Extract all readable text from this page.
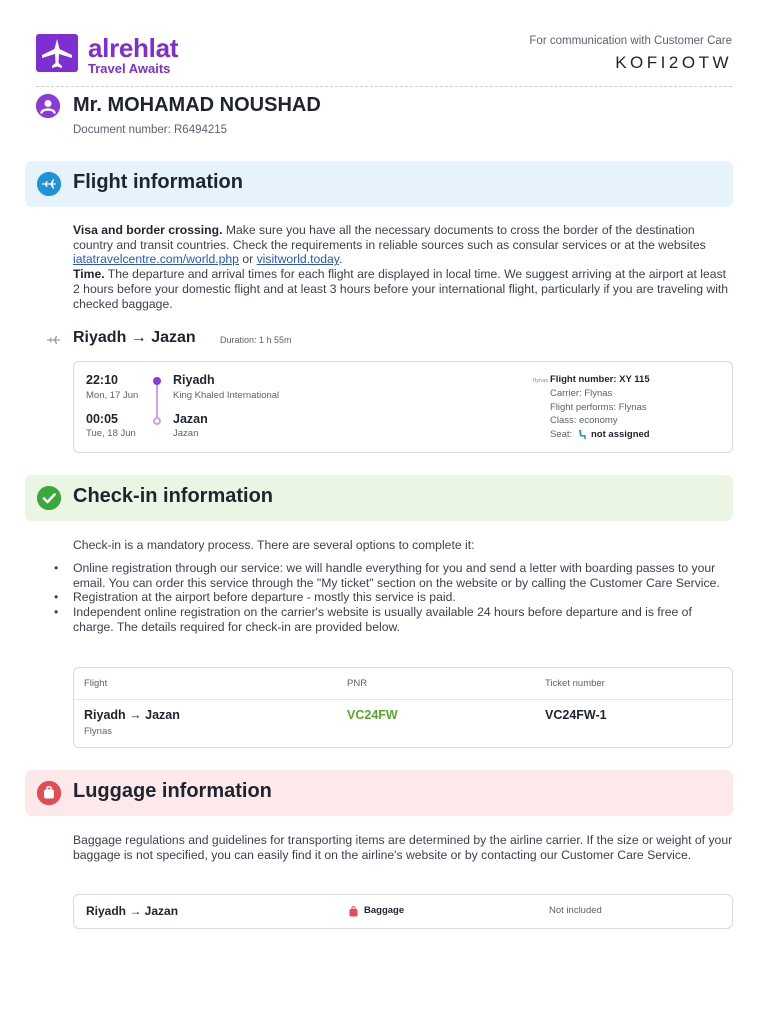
alrehlat
Travel Awaits
For communication with Customer Care
KOFI2OTW
Mr. MOHAMAD NOUSHAD
Document number: R6494215
Flight information
Visa and border crossing. Make sure you have all the necessary documents to cross the border of the destination country and transit countries. Check the requirements in reliable sources such as consular services or at the websites iatatravelcentre.com/world.php or visitworld.today.
Time. The departure and arrival times for each flight are displayed in local time. We suggest arriving at the airport at least 2 hours before your domestic flight and at least 3 hours before your international flight, particularly if you are traveling with checked baggage.
Riyadh → Jazan	Duration: 1 h 55m
22:10
Mon, 17 Jun
00:05
Tue, 18 Jun
Riyadh
King Khaled International
Jazan
Jazan
flynas Flight number: XY 115
Carrier: Flynas
Flight performs: Flynas
Class: economy
Seat: not assigned
Check-in information
Check-in is a mandatory process. There are several options to complete it:
• Online registration through our service: we will handle everything for you and send a letter with boarding passes to your email. You can order this service through the "My ticket" section on the website or by calling the Customer Care Service.
• Registration at the airport before departure - mostly this service is paid.
• Independent online registration on the carrier's website is usually available 24 hours before departure and is free of charge. The details required for check-in are provided below.
Flight	PNR	Ticket number
Riyadh → Jazan
Flynas
VC24FW	VC24FW-1
Luggage information
Baggage regulations and guidelines for transporting items are determined by the airline carrier. If the size or weight of your baggage is not specified, you can easily find it on the airline's website or by contacting our Customer Care Service.
Riyadh → Jazan	Baggage	Not included
